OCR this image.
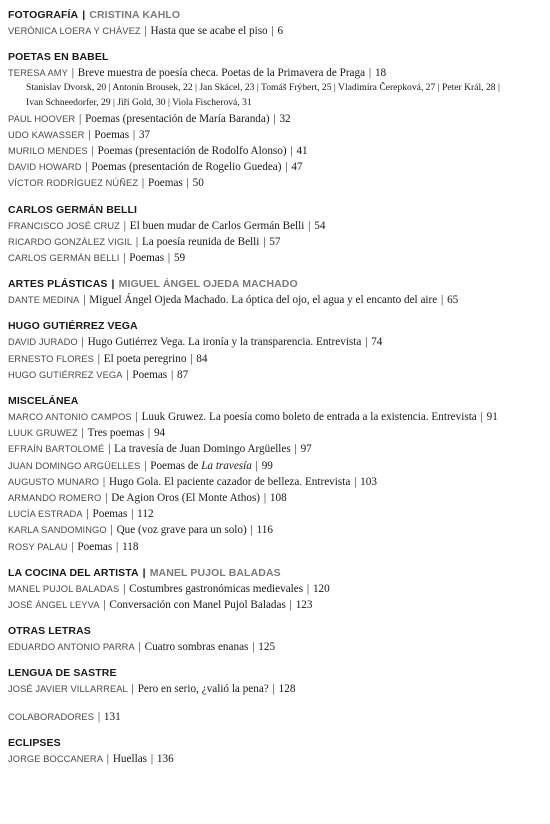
FOTOGRAFÍA | CRISTINA KAHLO
VERÓNICA LOERA Y CHÁVEZ | Hasta que se acabe el piso | 6
POETAS EN BABEL
TERESA AMY | Breve muestra de poesía checa. Poetas de la Primavera de Praga | 18
Stanislav Dvorsk, 20 | Antonín Brousek, 22 | Jan Skácel, 23 | Tomáš Frýbert, 25 | Vladimíra Čerepková, 27 | Peter Král, 28 |
Ivan Schneedorfer, 29 | Jiří Gold, 30 | Viola Fischerová, 31
PAUL HOOVER | Poemas (presentación de María Baranda) | 32
UDO KAWASSER | Poemas | 37
MURILO MENDES | Poemas (presentación de Rodolfo Alonso) | 41
DAVID HOWARD | Poemas (presentación de Rogelio Guedea) | 47
VÍCTOR RODRÍGUEZ NÚÑEZ | Poemas | 50
CARLOS GERMÁN BELLI
FRANCISCO JOSÉ CRUZ | El buen mudar de Carlos Germán Belli | 54
RICARDO GONZÁLEZ VIGIL | La poesía reunida de Belli | 57
CARLOS GERMÁN BELLI | Poemas | 59
ARTES PLÁSTICAS | MIGUEL ÁNGEL OJEDA MACHADO
DANTE MEDINA | Miguel Ángel Ojeda Machado. La óptica del ojo, el agua y el encanto del aire | 65
HUGO GUTIÉRREZ VEGA
DAVID JURADO | Hugo Gutiérrez Vega. La ironía y la transparencia. Entrevista | 74
ERNESTO FLORES | El poeta peregrino | 84
HUGO GUTIÉRREZ VEGA | Poemas | 87
MISCELÁNEA
MARCO ANTONIO CAMPOS | Luuk Gruwez. La poesía como boleto de entrada a la existencia. Entrevista | 91
LUUK GRUWEZ | Tres poemas | 94
EFRAÍN BARTOLOMÉ | La travesía de Juan Domingo Argüelles | 97
JUAN DOMINGO ARGÜELLES | Poemas de La travesía | 99
AUGUSTO MUNARO | Hugo Gola. El paciente cazador de belleza. Entrevista | 103
ARMANDO ROMERO | De Agion Oros (El Monte Athos) | 108
LUCÍA ESTRADA | Poemas | 112
KARLA SANDOMINGO | Que (voz grave para un solo) | 116
ROSY PALAU | Poemas | 118
LA COCINA DEL ARTISTA | MANEL PUJOL BALADAS
MANEL PUJOL BALADAS | Costumbres gastronómicas medievales | 120
JOSÉ ÁNGEL LEYVA | Conversación con Manel Pujol Baladas | 123
OTRAS LETRAS
EDUARDO ANTONIO PARRA | Cuatro sombras enanas | 125
LENGUA DE SASTRE
JOSÉ JAVIER VILLARREAL | Pero en serio, ¿valió la pena? | 128
COLABORADORES | 131
ECLIPSES
JORGE BOCCANERA | Huellas | 136
